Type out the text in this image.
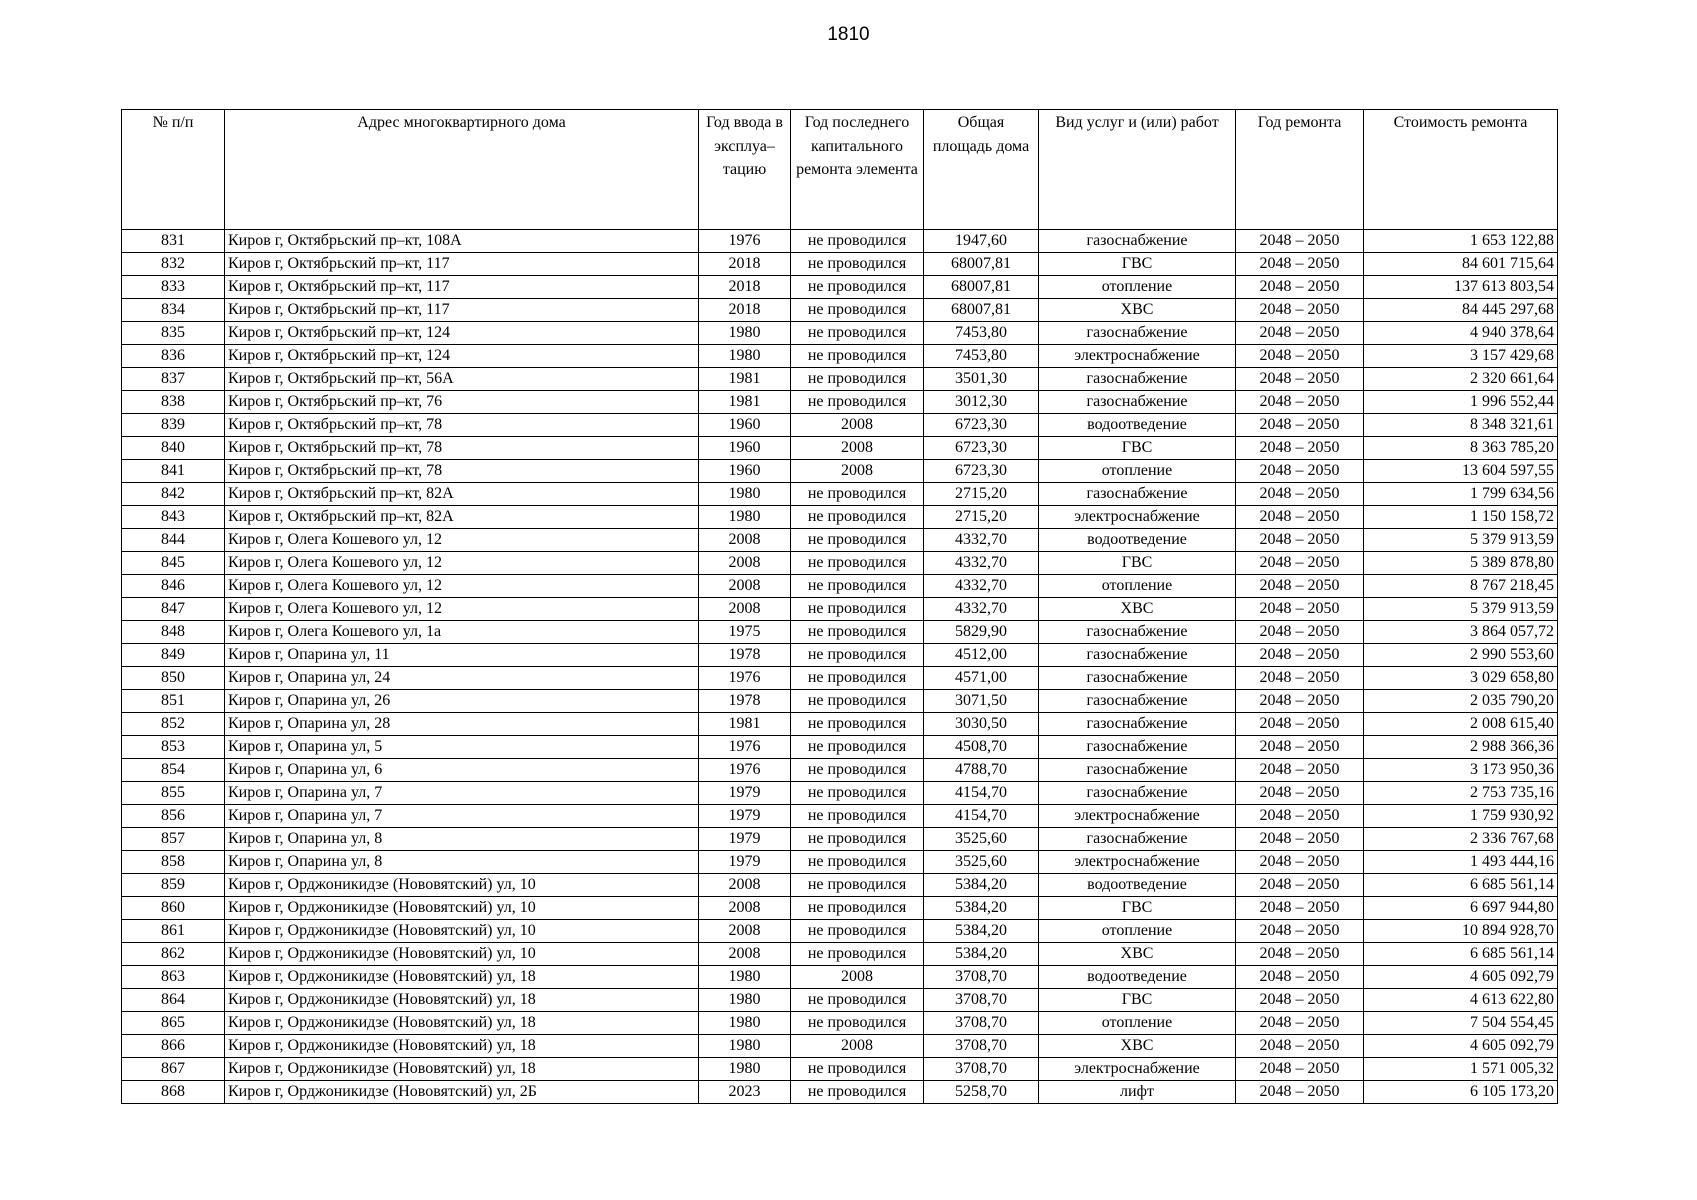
1810
№ п/п	Адрес многоквартирного дома	Год ввода в эксплуа–тацию	Год последнего капитального ремонта элемента	Общая площадь дома	Вид услуг и (или) работ	Год ремонта	Стоимость ремонта
831	Киров г, Октябрьский пр–кт, 108А	1976	не проводился	1947,60	газоснабжение	2048 – 2050	1 653 122,88
832	Киров г, Октябрьский пр–кт, 117	2018	не проводился	68007,81	ГВС	2048 – 2050	84 601 715,64
833	Киров г, Октябрьский пр–кт, 117	2018	не проводился	68007,81	отопление	2048 – 2050	137 613 803,54
834	Киров г, Октябрьский пр–кт, 117	2018	не проводился	68007,81	ХВС	2048 – 2050	84 445 297,68
835	Киров г, Октябрьский пр–кт, 124	1980	не проводился	7453,80	газоснабжение	2048 – 2050	4 940 378,64
836	Киров г, Октябрьский пр–кт, 124	1980	не проводился	7453,80	электроснабжение	2048 – 2050	3 157 429,68
837	Киров г, Октябрьский пр–кт, 56А	1981	не проводился	3501,30	газоснабжение	2048 – 2050	2 320 661,64
838	Киров г, Октябрьский пр–кт, 76	1981	не проводился	3012,30	газоснабжение	2048 – 2050	1 996 552,44
839	Киров г, Октябрьский пр–кт, 78	1960	2008	6723,30	водоотведение	2048 – 2050	8 348 321,61
840	Киров г, Октябрьский пр–кт, 78	1960	2008	6723,30	ГВС	2048 – 2050	8 363 785,20
841	Киров г, Октябрьский пр–кт, 78	1960	2008	6723,30	отопление	2048 – 2050	13 604 597,55
842	Киров г, Октябрьский пр–кт, 82А	1980	не проводился	2715,20	газоснабжение	2048 – 2050	1 799 634,56
843	Киров г, Октябрьский пр–кт, 82А	1980	не проводился	2715,20	электроснабжение	2048 – 2050	1 150 158,72
844	Киров г, Олега Кошевого ул, 12	2008	не проводился	4332,70	водоотведение	2048 – 2050	5 379 913,59
845	Киров г, Олега Кошевого ул, 12	2008	не проводился	4332,70	ГВС	2048 – 2050	5 389 878,80
846	Киров г, Олега Кошевого ул, 12	2008	не проводился	4332,70	отопление	2048 – 2050	8 767 218,45
847	Киров г, Олега Кошевого ул, 12	2008	не проводился	4332,70	ХВС	2048 – 2050	5 379 913,59
848	Киров г, Олега Кошевого ул, 1а	1975	не проводился	5829,90	газоснабжение	2048 – 2050	3 864 057,72
849	Киров г, Опарина ул, 11	1978	не проводился	4512,00	газоснабжение	2048 – 2050	2 990 553,60
850	Киров г, Опарина ул, 24	1976	не проводился	4571,00	газоснабжение	2048 – 2050	3 029 658,80
851	Киров г, Опарина ул, 26	1978	не проводился	3071,50	газоснабжение	2048 – 2050	2 035 790,20
852	Киров г, Опарина ул, 28	1981	не проводился	3030,50	газоснабжение	2048 – 2050	2 008 615,40
853	Киров г, Опарина ул, 5	1976	не проводился	4508,70	газоснабжение	2048 – 2050	2 988 366,36
854	Киров г, Опарина ул, 6	1976	не проводился	4788,70	газоснабжение	2048 – 2050	3 173 950,36
855	Киров г, Опарина ул, 7	1979	не проводился	4154,70	газоснабжение	2048 – 2050	2 753 735,16
856	Киров г, Опарина ул, 7	1979	не проводился	4154,70	электроснабжение	2048 – 2050	1 759 930,92
857	Киров г, Опарина ул, 8	1979	не проводился	3525,60	газоснабжение	2048 – 2050	2 336 767,68
858	Киров г, Опарина ул, 8	1979	не проводился	3525,60	электроснабжение	2048 – 2050	1 493 444,16
859	Киров г, Орджоникидзе (Нововятский) ул, 10	2008	не проводился	5384,20	водоотведение	2048 – 2050	6 685 561,14
860	Киров г, Орджоникидзе (Нововятский) ул, 10	2008	не проводился	5384,20	ГВС	2048 – 2050	6 697 944,80
861	Киров г, Орджоникидзе (Нововятский) ул, 10	2008	не проводился	5384,20	отопление	2048 – 2050	10 894 928,70
862	Киров г, Орджоникидзе (Нововятский) ул, 10	2008	не проводился	5384,20	ХВС	2048 – 2050	6 685 561,14
863	Киров г, Орджоникидзе (Нововятский) ул, 18	1980	2008	3708,70	водоотведение	2048 – 2050	4 605 092,79
864	Киров г, Орджоникидзе (Нововятский) ул, 18	1980	не проводился	3708,70	ГВС	2048 – 2050	4 613 622,80
865	Киров г, Орджоникидзе (Нововятский) ул, 18	1980	не проводился	3708,70	отопление	2048 – 2050	7 504 554,45
866	Киров г, Орджоникидзе (Нововятский) ул, 18	1980	2008	3708,70	ХВС	2048 – 2050	4 605 092,79
867	Киров г, Орджоникидзе (Нововятский) ул, 18	1980	не проводился	3708,70	электроснабжение	2048 – 2050	1 571 005,32
868	Киров г, Орджоникидзе (Нововятский) ул, 2Б	2023	не проводился	5258,70	лифт	2048 – 2050	6 105 173,20
